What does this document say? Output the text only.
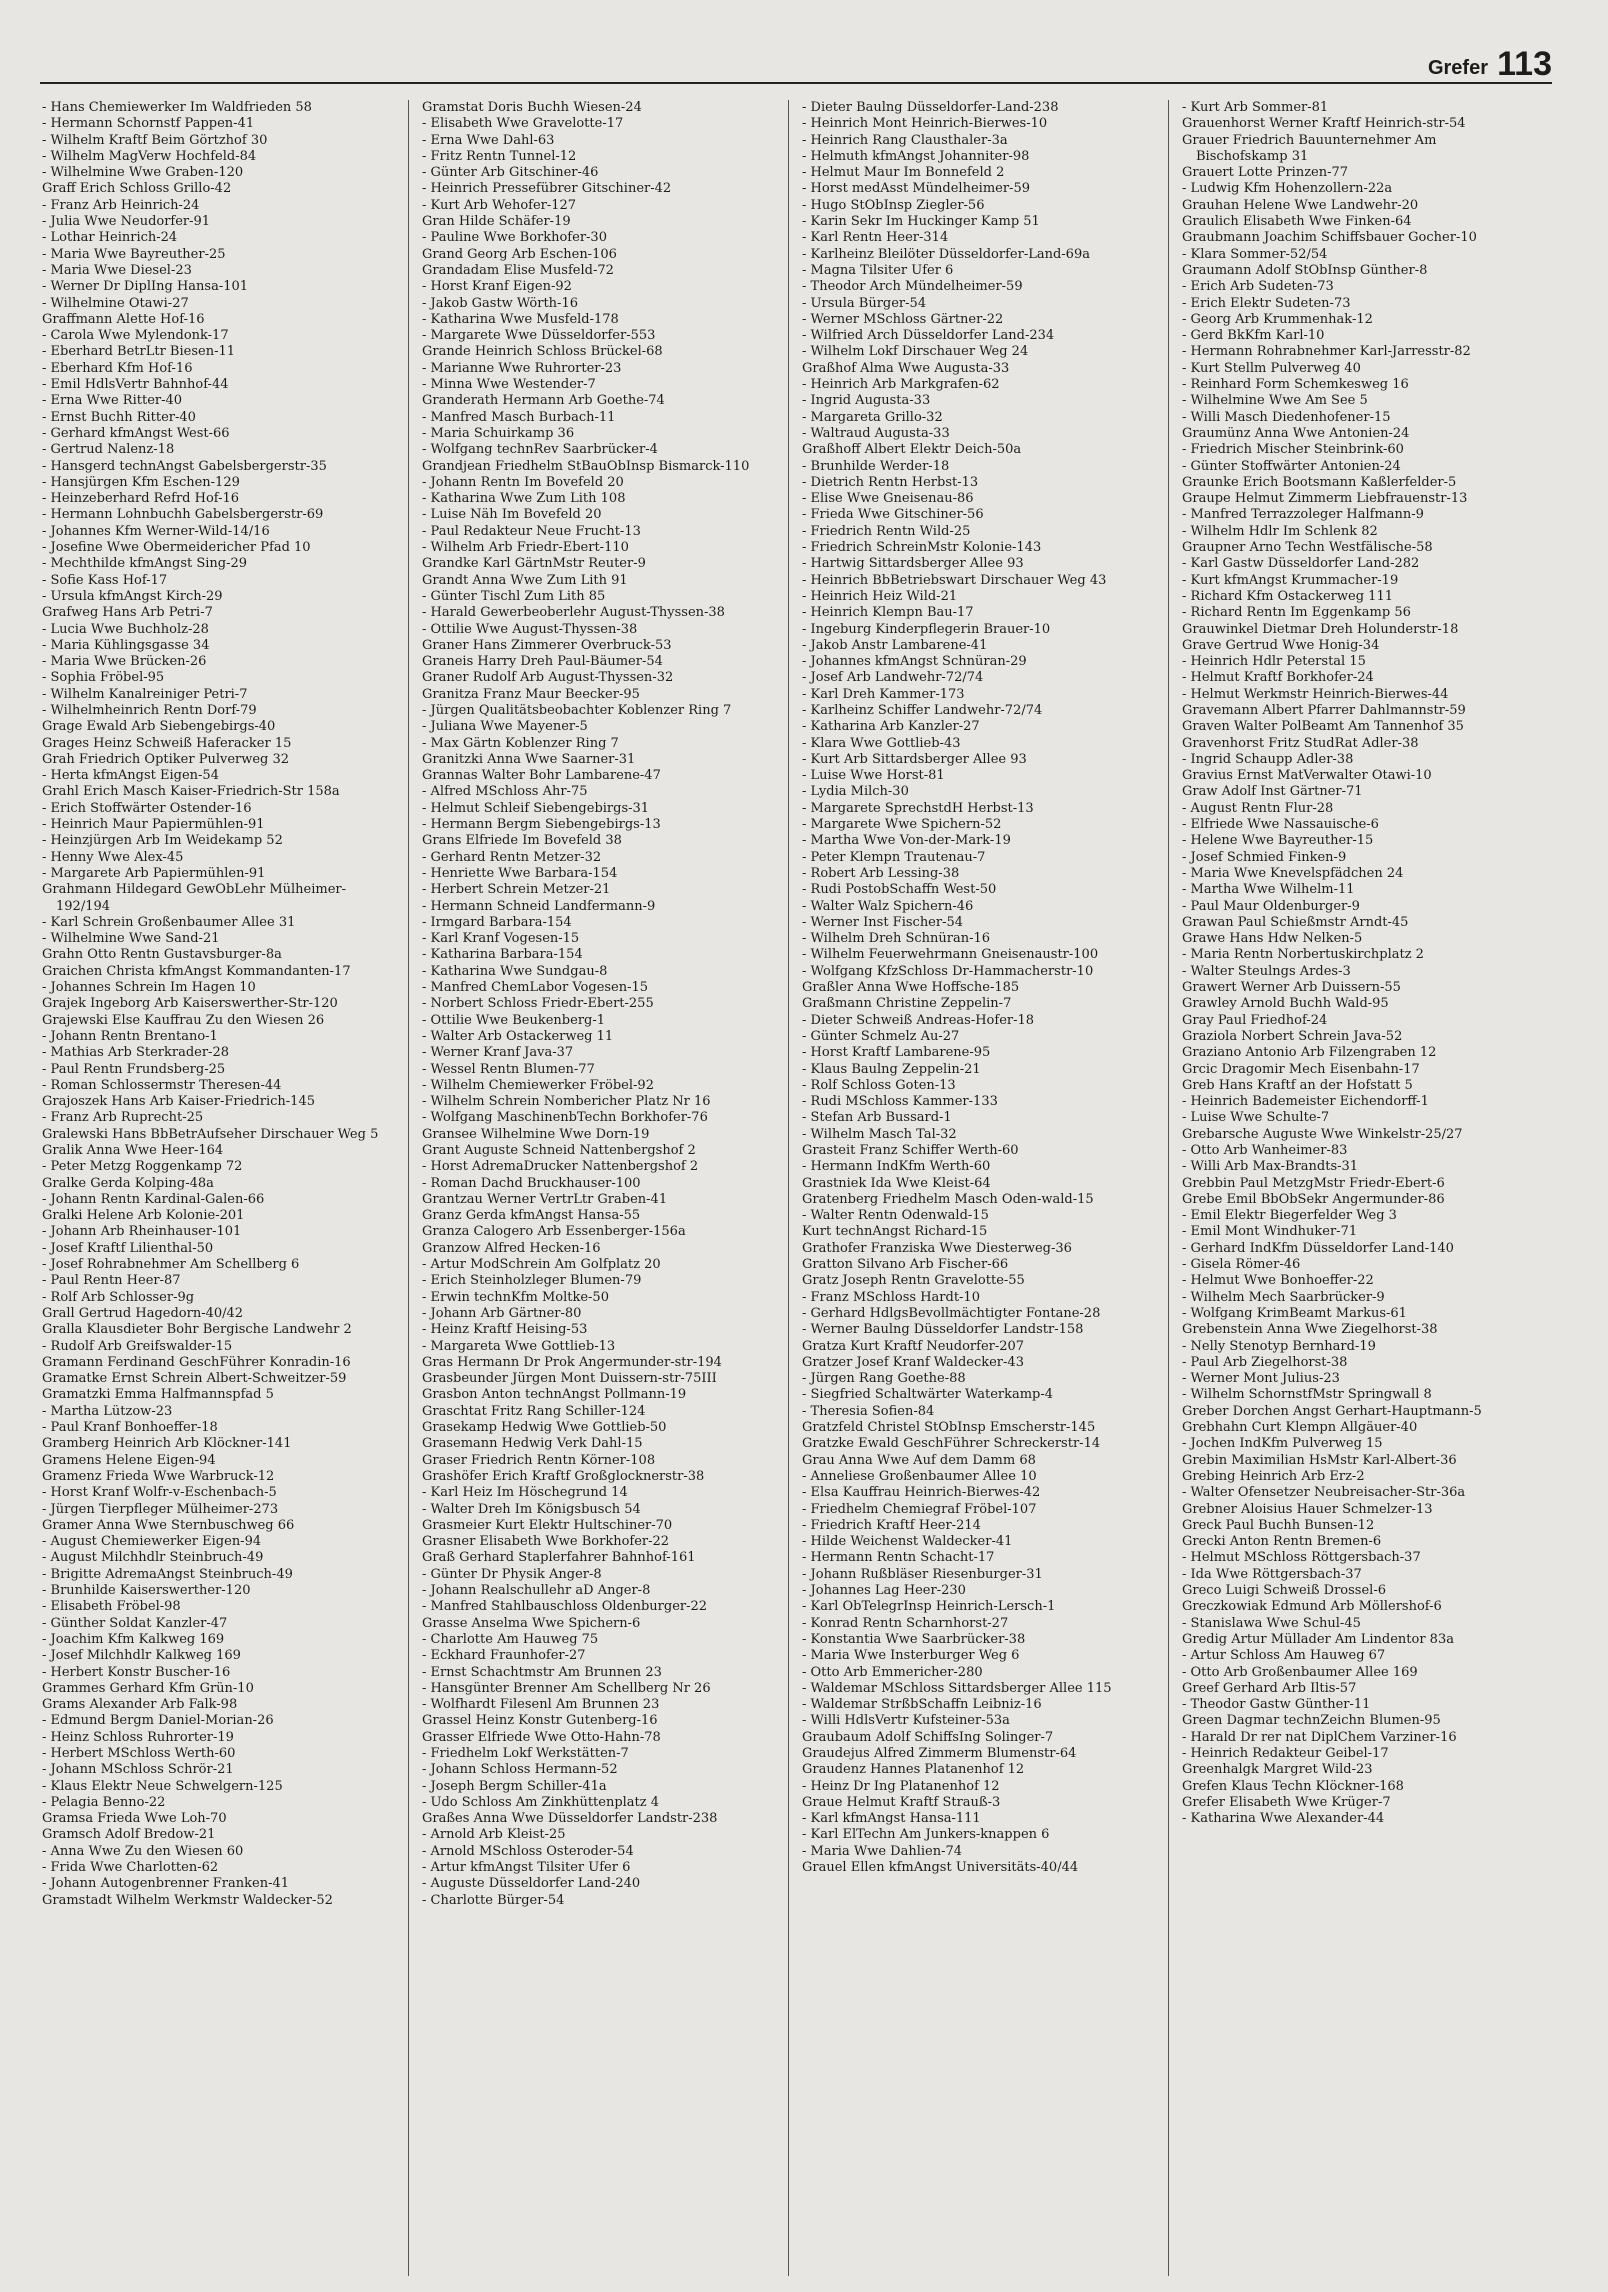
Grefer 113
- Hans Chemiewerker Im Waldfrieden 58
- Hermann Schornstf Pappen-41
- Wilhelm Kraftf Beim Görtzhof 30
- Wilhelm MagVerw Hochfeld-84
- Wilhelmine Wwe Graben-120
Graff Erich Schloss Grillo-42
- Franz Arb Heinrich-24
- Julia Wwe Neudorfer-91
- Lothar Heinrich-24
- Maria Wwe Bayreuther-25
- Maria Wwe Diesel-23
- Werner Dr DiplIng Hansa-101
- Wilhelmine Otawi-27
Graffmann Alette Hof-16
- Carola Wwe Mylendonk-17
- Eberhard BetrLtr Biesen-11
- Eberhard Kfm Hof-16
- Emil HdlsVertr Bahnhof-44
- Erna Wwe Ritter-40
- Ernst Buchh Ritter-40
- Gerhard kfmAngst West-66
- Gertrud Nalenz-18
- Hansgerd technAngst Gabelsbergerstr-35
- Hansjürgen Kfm Eschen-129
- Heinzeberhard Refrd Hof-16
- Hermann Lohnbuchh Gabelsbergerstr-69
- Johannes Kfm Werner-Wild-14/16
- Josefine Wwe Obermeidericher Pfad 10
- Mechthilde kfmAngst Sing-29
- Sofie Kass Hof-17
- Ursula kfmAngst Kirch-29
Grafweg Hans Arb Petri-7
- Lucia Wwe Buchholz-28
- Maria Kühlingsgasse 34
- Maria Wwe Brücken-26
- Sophia Fröbel-95
- Wilhelm Kanalreiniger Petri-7
- Wilhelmheinrich Rentn Dorf-79
Grage Ewald Arb Siebengebirgs-40
Grages Heinz Schweiß Haferacker 15
Grah Friedrich Optiker Pulverweg 32
- Herta kfmAngst Eigen-54
Grahl Erich Masch Kaiser-Friedrich-Str 158a
- Erich Stoffwärter Ostender-16
- Heinrich Maur Papiermühlen-91
- Heinzjürgen Arb Im Weidekamp 52
- Henny Wwe Alex-45
- Margarete Arb Papiermühlen-91
Grahmann Hildegard GewObLehr Mülheimer-192/194
- Karl Schrein Großenbaumer Allee 31
- Wilhelmine Wwe Sand-21
Grahn Otto Rentn Gustavsburger-8a
Graichen Christa kfmAngst Kommandanten-17
- Johannes Schrein Im Hagen 10
Grajek Ingeborg Arb Kaiserswerther-Str-120
Grajewski Else Kauffrau Zu den Wiesen 26
- Johann Rentn Brentano-1
- Mathias Arb Sterkrader-28
- Paul Rentn Frundsberg-25
- Roman Schlossermstr Theresen-44
Grajoszek Hans Arb Kaiser-Friedrich-145
- Franz Arb Ruprecht-25
Gralewski Hans BbBetrAufseher Dirschauer Weg 5
Gralik Anna Wwe Heer-164
- Peter Metzg Roggenkamp 72
Gralke Gerda Kolping-48a
- Johann Rentn Kardinal-Galen-66
Gralki Helene Arb Kolonie-201
- Johann Arb Rheinhauser-101
- Josef Kraftf Lilienthal-50
- Josef Rohrabnehmer Am Schellberg 6
- Paul Rentn Heer-87
- Rolf Arb Schlosser-9g
Grall Gertrud Hagedorn-40/42
Gralla Klausdieter Bohr Bergische Landwehr 2
- Rudolf Arb Greifswalder-15
Gramann Ferdinand GeschFührer Konradin-16
Gramatke Ernst Schrein Albert-Schweitzer-59
Gramatzki Emma Halfmannspfad 5
- Martha Lützow-23
- Paul Kranf Bonhoeffer-18
Gramberg Heinrich Arb Klöckner-141
Gramens Helene Eigen-94
Gramenz Frieda Wwe Warbruck-12
- Horst Kranf Wolfr-v-Eschenbach-5
- Jürgen Tierpfleger Mülheimer-273
Gramer Anna Wwe Sternbuschweg 66
- August Chemiewerker Eigen-94
- August Milchhdlr Steinbruch-49
- Brigitte AdremaAngst Steinbruch-49
- Brunhilde Kaiserswerther-120
- Elisabeth Fröbel-98
- Günther Soldat Kanzler-47
- Joachim Kfm Kalkweg 169
- Josef Milchhdlr Kalkweg 169
- Herbert Konstr Buscher-16
Grammes Gerhard Kfm Grün-10
Grams Alexander Arb Falk-98
- Edmund Bergm Daniel-Morian-26
- Heinz Schloss Ruhrorter-19
- Herbert MSchloss Werth-60
- Johann MSchloss Schrör-21
- Klaus Elektr Neue Schwelgern-125
- Pelagia Benno-22
Gramsa Frieda Wwe Loh-70
Gramsch Adolf Bredow-21
- Anna Wwe Zu den Wiesen 60
- Frida Wwe Charlotten-62
- Johann Autogenbrenner Franken-41
Gramstadt Wilhelm Werkmstr Waldecker-52
Gramstat Doris Buchh Wiesen-24
- Elisabeth Wwe Gravelotte-17
- Erna Wwe Dahl-63
- Fritz Rentn Tunnel-12
- Günter Arb Gitschiner-46
- Heinrich Pressefübrer Gitschiner-42
- Kurt Arb Wehofer-127
Gran Hilde Schäfer-19
- Pauline Wwe Borkhofer-30
Grand Georg Arb Eschen-106
Grandadam Elise Musfeld-72
- Horst Kranf Eigen-92
- Jakob Gastw Wörth-16
- Katharina Wwe Musfeld-178
- Margarete Wwe Düsseldorfer-553
Grande Heinrich Schloss Brückel-68
- Marianne Wwe Ruhrorter-23
- Minna Wwe Westender-7
Granderath Hermann Arb Goethe-74
- Manfred Masch Burbach-11
- Maria Schuirkamp 36
- Wolfgang technRev Saarbrücker-4
Grandjean Friedhelm StBauObInsp Bismarck-110
- Johann Rentn Im Bovefeld 20
- Katharina Wwe Zum Lith 108
- Luise Näh Im Bovefeld 20
- Paul Redakteur Neue Frucht-13
- Wilhelm Arb Friedr-Ebert-110
Grandke Karl GärtnMstr Reuter-9
Grandt Anna Wwe Zum Lith 91
- Günter Tischl Zum Lith 85
- Harald Gewerbeoberlehr August-Thyssen-38
- Ottilie Wwe August-Thyssen-38
Graner Hans Zimmerer Overbruck-53
Graneis Harry Dreh Paul-Bäumer-54
Graner Rudolf Arb August-Thyssen-32
Granitza Franz Maur Beecker-95
- Jürgen Qualitätsbeobachter Koblenzer Ring 7
- Juliana Wwe Mayener-5
- Max Gärtn Koblenzer Ring 7
Granitzki Anna Wwe Saarner-31
Grannas Walter Bohr Lambarene-47
- Alfred MSchloss Ahr-75
- Helmut Schleif Siebengebirgs-31
- Hermann Bergm Siebengebirgs-13
Grans Elfriede Im Bovefeld 38
- Gerhard Rentn Metzer-32
- Henriette Wwe Barbara-154
- Herbert Schrein Metzer-21
- Hermann Schneid Landfermann-9
- Irmgard Barbara-154
- Karl Kranf Vogesen-15
- Katharina Barbara-154
- Katharina Wwe Sundgau-8
- Manfred ChemLabor Vogesen-15
- Norbert Schloss Friedr-Ebert-255
- Ottilie Wwe Beukenberg-1
- Walter Arb Ostackerweg 11
- Werner Kranf Java-37
- Wessel Rentn Blumen-77
- Wilhelm Chemiewerker Fröbel-92
- Wilhelm Schrein Nombericher Platz Nr 16
- Wolfgang MaschinenbTechn Borkhofer-76
Gransee Wilhelmine Wwe Dorn-19
Grant Auguste Schneid Nattenbergshof 2
- Horst AdremaDrucker Nattenbergshof 2
- Roman Dachd Bruckhauser-100
Grantzau Werner VertrLtr Graben-41
Granz Gerda kfmAngst Hansa-55
Granza Calogero Arb Essenberger-156a
Granzow Alfred Hecken-16
- Artur ModSchrein Am Golfplatz 20
- Erich Steinholzleger Blumen-79
- Erwin technKfm Moltke-50
- Johann Arb Gärtner-80
- Heinz Kraftf Heising-53
- Margareta Wwe Gottlieb-13
Gras Hermann Dr Prok Angermunder-str-194
Grasbeunder Jürgen Mont Duissern-str-75III
Grasbon Anton technAngst Pollmann-19
Graschtat Fritz Rang Schiller-124
Grasekamp Hedwig Wwe Gottlieb-50
Grasemann Hedwig Verk Dahl-15
Graser Friedrich Rentn Körner-108
Grashöfer Erich Kraftf Großglocknerstr-38
- Karl Heiz Im Höschegrund 14
- Walter Dreh Im Königsbusch 54
Grasmeier Kurt Elektr Hultschiner-70
Grasner Elisabeth Wwe Borkhofer-22
Graß Gerhard Staplerfahrer Bahnhof-161
- Günter Dr Physik Anger-8
- Johann Realschullehr aD Anger-8
- Manfred Stahlbauschloss Oldenburger-22
Grasse Anselma Wwe Spichern-6
- Charlotte Am Hauweg 75
- Eckhard Fraunhofer-27
- Ernst Schachtmstr Am Brunnen 23
- Hansgünter Brenner Am Schellberg Nr 26
- Wolfhardt Filesenl Am Brunnen 23
Grassel Heinz Konstr Gutenberg-16
Grasser Elfriede Wwe Otto-Hahn-78
- Friedhelm Lokf Werkstätten-7
- Johann Schloss Hermann-52
- Joseph Bergm Schiller-41a
- Udo Schloss Am Zinkhüttenplatz 4
Graßes Anna Wwe Düsseldorfer Landstr-238
- Arnold Arb Kleist-25
- Arnold MSchloss Osteroder-54
- Artur kfmAngst Tilsiter Ufer 6
- Auguste Düsseldorfer Land-240
- Charlotte Bürger-54
- Dieter Baulng Düsseldorfer-Land-238
- Heinrich Mont Heinrich-Bierwes-10
- Heinrich Rang Clausthaler-3a
- Helmuth kfmAngst Johanniter-98
- Helmut Maur Im Bonnefeld 2
- Horst medAsst Mündelheimer-59
- Hugo StObInsp Ziegler-56
- Karin Sekr Im Huckinger Kamp 51
- Karl Rentn Heer-314
- Karlheinz Bleilöter Düsseldorfer-Land-69a
- Magna Tilsiter Ufer 6
- Theodor Arch Mündelheimer-59
- Ursula Bürger-54
- Werner MSchloss Gärtner-22
- Wilfried Arch Düsseldorfer Land-234
- Wilhelm Lokf Dirschauer Weg 24
Graßhof Alma Wwe Augusta-33
- Heinrich Arb Markgrafen-62
- Ingrid Augusta-33
- Margareta Grillo-32
- Waltraud Augusta-33
Graßhoff Albert Elektr Deich-50a
- Brunhilde Werder-18
- Dietrich Rentn Herbst-13
- Elise Wwe Gneisenau-86
- Frieda Wwe Gitschiner-56
- Friedrich Rentn Wild-25
- Friedrich SchreinMstr Kolonie-143
- Hartwig Sittardsberger Allee 93
- Heinrich BbBetriebswart Dirschauer Weg 43
- Heinrich Heiz Wild-21
- Heinrich Klempn Bau-17
- Ingeburg Kinderpflegerin Brauer-10
- Jakob Anstr Lambarene-41
- Johannes kfmAngst Schnüran-29
- Josef Arb Landwehr-72/74
- Karl Dreh Kammer-173
- Karlheinz Schiffer Landwehr-72/74
- Katharina Arb Kanzler-27
- Klara Wwe Gottlieb-43
- Kurt Arb Sittardsberger Allee 93
- Luise Wwe Horst-81
- Lydia Milch-30
- Margarete SprechstdH Herbst-13
- Margarete Wwe Spichern-52
- Martha Wwe Von-der-Mark-19
- Peter Klempn Trautenau-7
- Robert Arb Lessing-38
- Rudi PostobSchaffn West-50
- Walter Walz Spichern-46
- Werner Inst Fischer-54
- Wilhelm Dreh Schnüran-16
- Wilhelm Feuerwehrmann Gneisenaustr-100
- Wolfgang KfzSchloss Dr-Hammacherstr-10
Graßler Anna Wwe Hoffsche-185
Graßmann Christine Zeppelin-7
- Dieter Schweiß Andreas-Hofer-18
- Günter Schmelz Au-27
- Horst Kraftf Lambarene-95
- Klaus Baulng Zeppelin-21
- Rolf Schloss Goten-13
- Rudi MSchloss Kammer-133
- Stefan Arb Bussard-1
- Wilhelm Masch Tal-32
Grasteit Franz Schiffer Werth-60
- Hermann IndKfm Werth-60
Grastniek Ida Wwe Kleist-64
Gratenberg Friedhelm Masch Oden-wald-15
- Walter Rentn Odenwald-15
Kurt technAngst Richard-15
Grathofer Franziska Wwe Diesterweg-36
Gratton Silvano Arb Fischer-66
Gratz Joseph Rentn Gravelotte-55
- Franz MSchloss Hardt-10
- Gerhard HdlgsBevollmächtigter Fontane-28
- Werner Baulng Düsseldorfer Landstr-158
Gratza Kurt Kraftf Neudorfer-207
Gratzer Josef Kranf Waldecker-43
- Jürgen Rang Goethe-88
- Siegfried Schaltwärter Waterkamp-4
- Theresia Sofien-84
Gratzfeld Christel StObInsp Emscherstr-145
Gratzke Ewald GeschFührer Schreckerstr-14
Grau Anna Wwe Auf dem Damm 68
- Anneliese Großenbaumer Allee 10
- Elsa Kauffrau Heinrich-Bierwes-42
- Friedhelm Chemiegraf Fröbel-107
- Friedrich Kraftf Heer-214
- Hilde Weichenst Waldecker-41
- Hermann Rentn Schacht-17
- Johann Rußbläser Riesenburger-31
- Johannes Lag Heer-230
- Karl ObTelegrInsp Heinrich-Lersch-1
- Konrad Rentn Scharnhorst-27
- Konstantia Wwe Saarbrücker-38
- Maria Wwe Insterburger Weg 6
- Otto Arb Emmericher-280
- Waldemar MSchloss Sittardsberger Allee 115
- Waldemar StrßbSchaffn Leibniz-16
- Willi HdlsVertr Kufsteiner-53a
Graubaum Adolf SchiffsIng Solinger-7
Graudejus Alfred Zimmerm Blumenstr-64
Graudenz Hannes Platanenhof 12
- Heinz Dr Ing Platanenhof 12
Graue Helmut Kraftf Strauß-3
- Karl kfmAngst Hansa-111
- Karl ElTechn Am Junkers-knappen 6
- Maria Wwe Dahlien-74
Grauel Ellen kfmAngst Universitäts-40/44
- Kurt Arb Sommer-81
Grauenhorst Werner Kraftf Heinrich-str-54
Grauer Friedrich Bauunternehmer Am Bischofskamp 31
Grauert Lotte Prinzen-77
- Ludwig Kfm Hohenzollern-22a
Grauhan Helene Wwe Landwehr-20
Graulich Elisabeth Wwe Finken-64
Graubmann Joachim Schiffsbauer Gocher-10
- Klara Sommer-52/54
Graumann Adolf StObInsp Günther-8
- Erich Arb Sudeten-73
- Erich Elektr Sudeten-73
- Georg Arb Krummenhak-12
- Gerd BkKfm Karl-10
- Hermann Rohrabnehmer Karl-Jarresstr-82
- Kurt Stellm Pulverweg 40
- Reinhard Form Schemkesweg 16
- Wilhelmine Wwe Am See 5
- Willi Masch Diedenhofener-15
Graumünz Anna Wwe Antonien-24
- Friedrich Mischer Steinbrink-60
- Günter Stoffwärter Antonien-24
Graunke Erich Bootsmann Kaßlerfelder-5
Graupe Helmut Zimmerm Liebfrauenstr-13
- Manfred Terrazzoleger Halfmann-9
- Wilhelm Hdlr Im Schlenk 82
Graupner Arno Techn Westfälische-58
- Karl Gastw Düsseldorfer Land-282
- Kurt kfmAngst Krummacher-19
- Richard Kfm Ostackerweg 111
- Richard Rentn Im Eggenkamp 56
Grauwinkel Dietmar Dreh Holunderstr-18
Grave Gertrud Wwe Honig-34
- Heinrich Hdlr Peterstal 15
- Helmut Kraftf Borkhofer-24
- Helmut Werkmstr Heinrich-Bierwes-44
Gravemann Albert Pfarrer Dahlmannstr-59
Graven Walter PolBeamt Am Tannenhof 35
Gravenhorst Fritz StudRat Adler-38
- Ingrid Schaupp Adler-38
Gravius Ernst MatVerwalter Otawi-10
Graw Adolf Inst Gärtner-71
- August Rentn Flur-28
- Elfriede Wwe Nassauische-6
- Helene Wwe Bayreuther-15
- Josef Schmied Finken-9
- Maria Wwe Knevelspfädchen 24
- Martha Wwe Wilhelm-11
- Paul Maur Oldenburger-9
Grawan Paul Schießmstr Arndt-45
Grawe Hans Hdw Nelken-5
- Maria Rentn Norbertuskirchplatz 2
- Walter Steulngs Ardes-3
Grawert Werner Arb Duissern-55
Grawley Arnold Buchh Wald-95
Gray Paul Friedhof-24
Graziola Norbert Schrein Java-52
Graziano Antonio Arb Filzengraben 12
Grcic Dragomir Mech Eisenbahn-17
Greb Hans Kraftf an der Hofstatt 5
- Heinrich Bademeister Eichendorff-1
- Luise Wwe Schulte-7
Grebarsche Auguste Wwe Winkelstr-25/27
- Otto Arb Wanheimer-83
- Willi Arb Max-Brandts-31
Grebbin Paul MetzgMstr Friedr-Ebert-6
Grebe Emil BbObSekr Angermunder-86
- Emil Elektr Biegerfelder Weg 3
- Emil Mont Windhuker-71
- Gerhard IndKfm Düsseldorfer Land-140
- Gisela Römer-46
- Helmut Wwe Bonhoeffer-22
- Wilhelm Mech Saarbrücker-9
- Wolfgang KrimBeamt Markus-61
Grebenstein Anna Wwe Ziegelhorst-38
- Nelly Stenotyp Bernhard-19
- Paul Arb Ziegelhorst-38
- Werner Mont Julius-23
- Wilhelm SchornstfMstr Springwall 8
Greber Dorchen Angst Gerhart-Hauptmann-5
Grebhahn Curt Klempn Allgäuer-40
- Jochen IndKfm Pulverweg 15
Grebin Maximilian HsMstr Karl-Albert-36
Grebing Heinrich Arb Erz-2
- Walter Ofensetzer Neubreisacher-Str-36a
Grebner Aloisius Hauer Schmelzer-13
Greck Paul Buchh Bunsen-12
Grecki Anton Rentn Bremen-6
- Helmut MSchloss Röttgersbach-37
- Ida Wwe Röttgersbach-37
Greco Luigi Schweiß Drossel-6
Greczkowiak Edmund Arb Möllershof-6
- Stanislawa Wwe Schul-45
Gredig Artur Müllader Am Lindentor 83a
- Artur Schloss Am Hauweg 67
- Otto Arb Großenbaumer Allee 169
Greef Gerhard Arb Iltis-57
- Theodor Gastw Günther-11
Green Dagmar technZeichn Blumen-95
- Harald Dr rer nat DiplChem Varziner-16
- Heinrich Redakteur Geibel-17
Greenhalgk Margret Wild-23
Grefen Klaus Techn Klöckner-168
Grefer Elisabeth Wwe Krüger-7
- Katharina Wwe Alexander-44
